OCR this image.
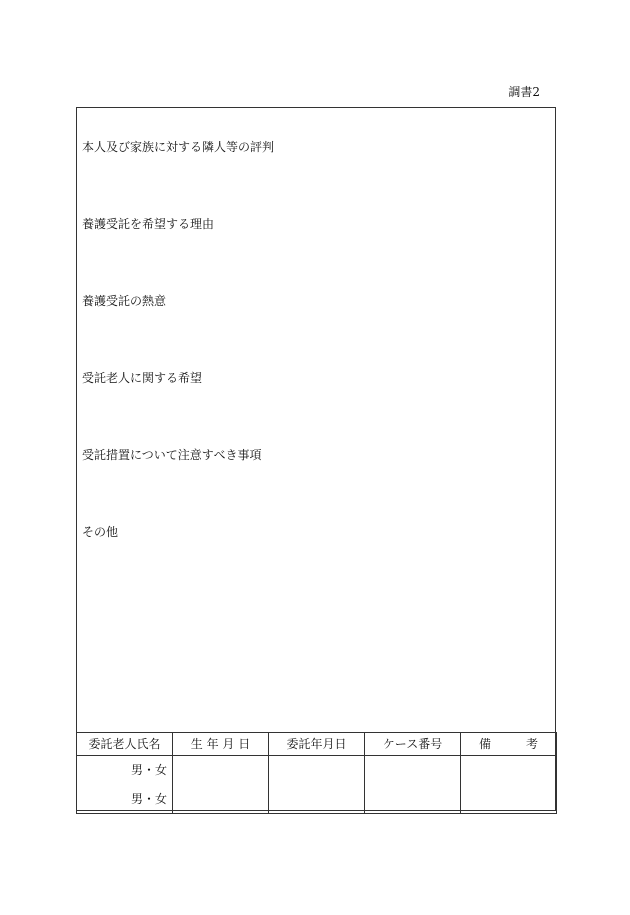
調書2
本人及び家族に対する隣人等の評判
養護受託を希望する理由
養護受託の熱意
受託老人に関する希望
受託措置について注意すべき事項
その他
委託老人氏名	生 年 月 日	委託年月日	ケース番号	備 考

男・女
男・女				
